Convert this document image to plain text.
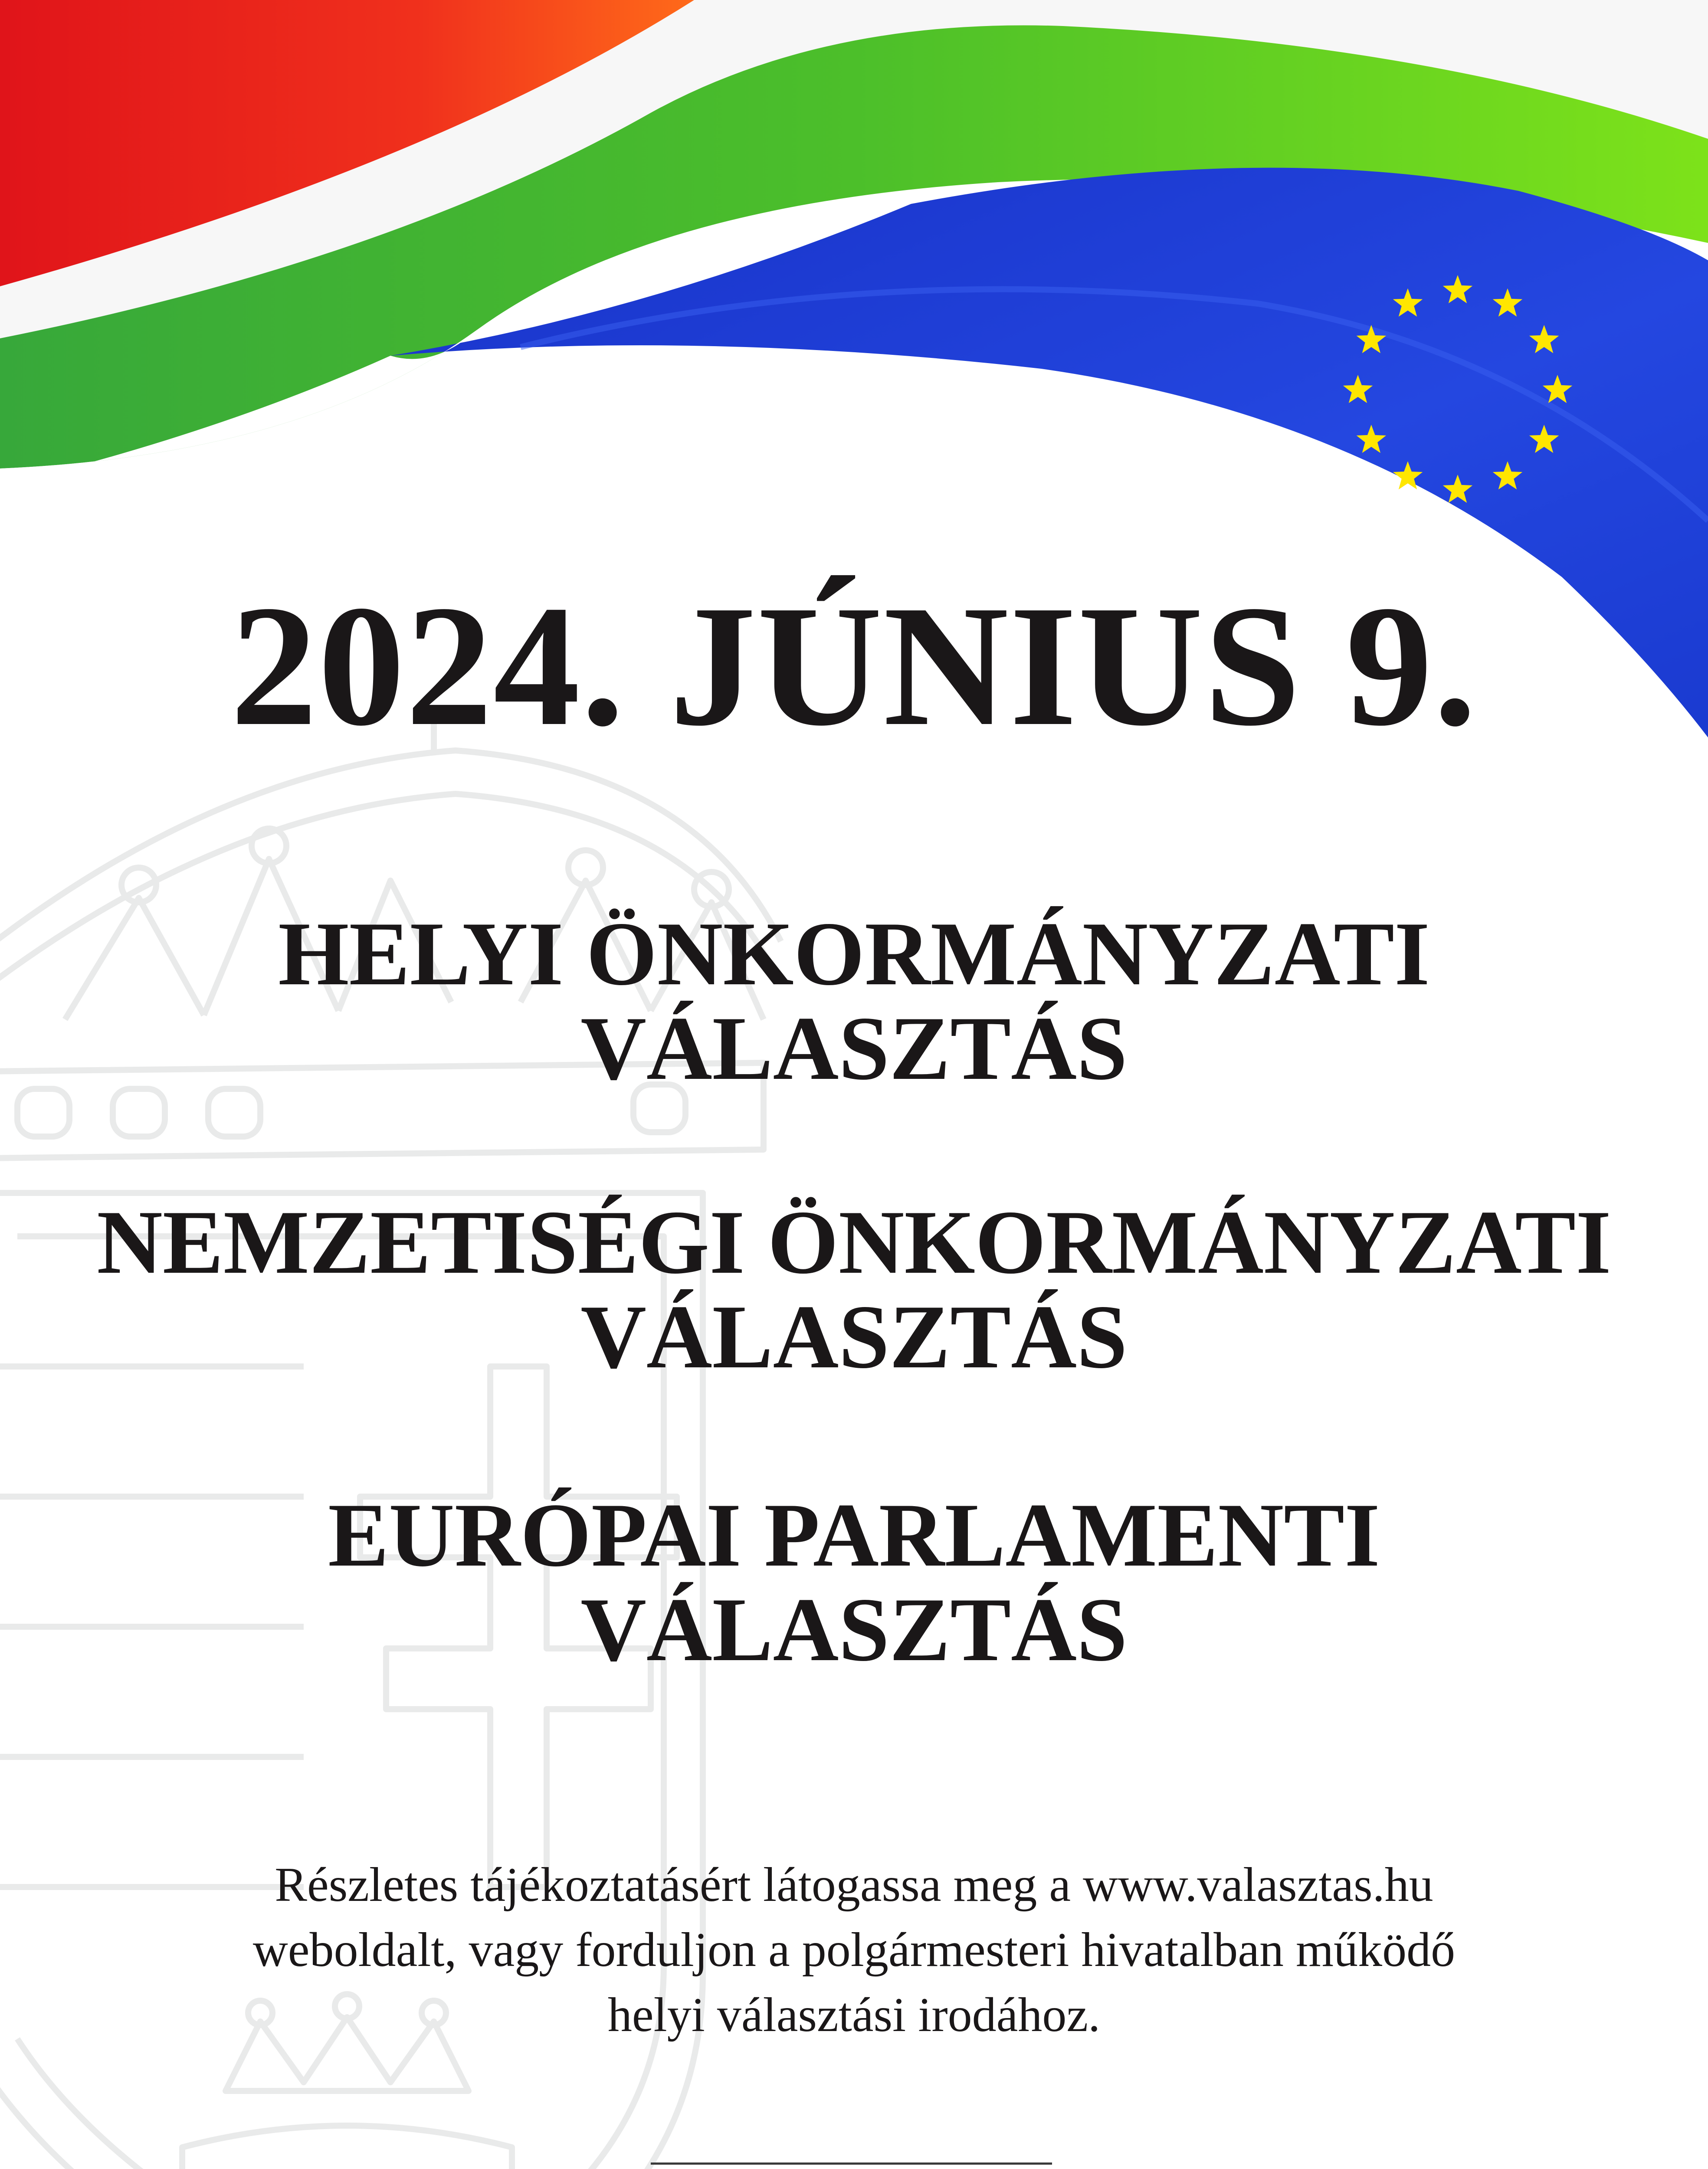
2024. JÚNIUS 9.
HELYI ÖNKORMÁNYZATI
VÁLASZTÁS
NEMZETISÉGI ÖNKORMÁNYZATI
VÁLASZTÁS
EURÓPAI PARLAMENTI
VÁLASZTÁS
Részletes tájékoztatásért látogassa meg a www.valasztas.hu
weboldalt, vagy forduljon a polgármesteri hivatalban működő
helyi választási irodához.
